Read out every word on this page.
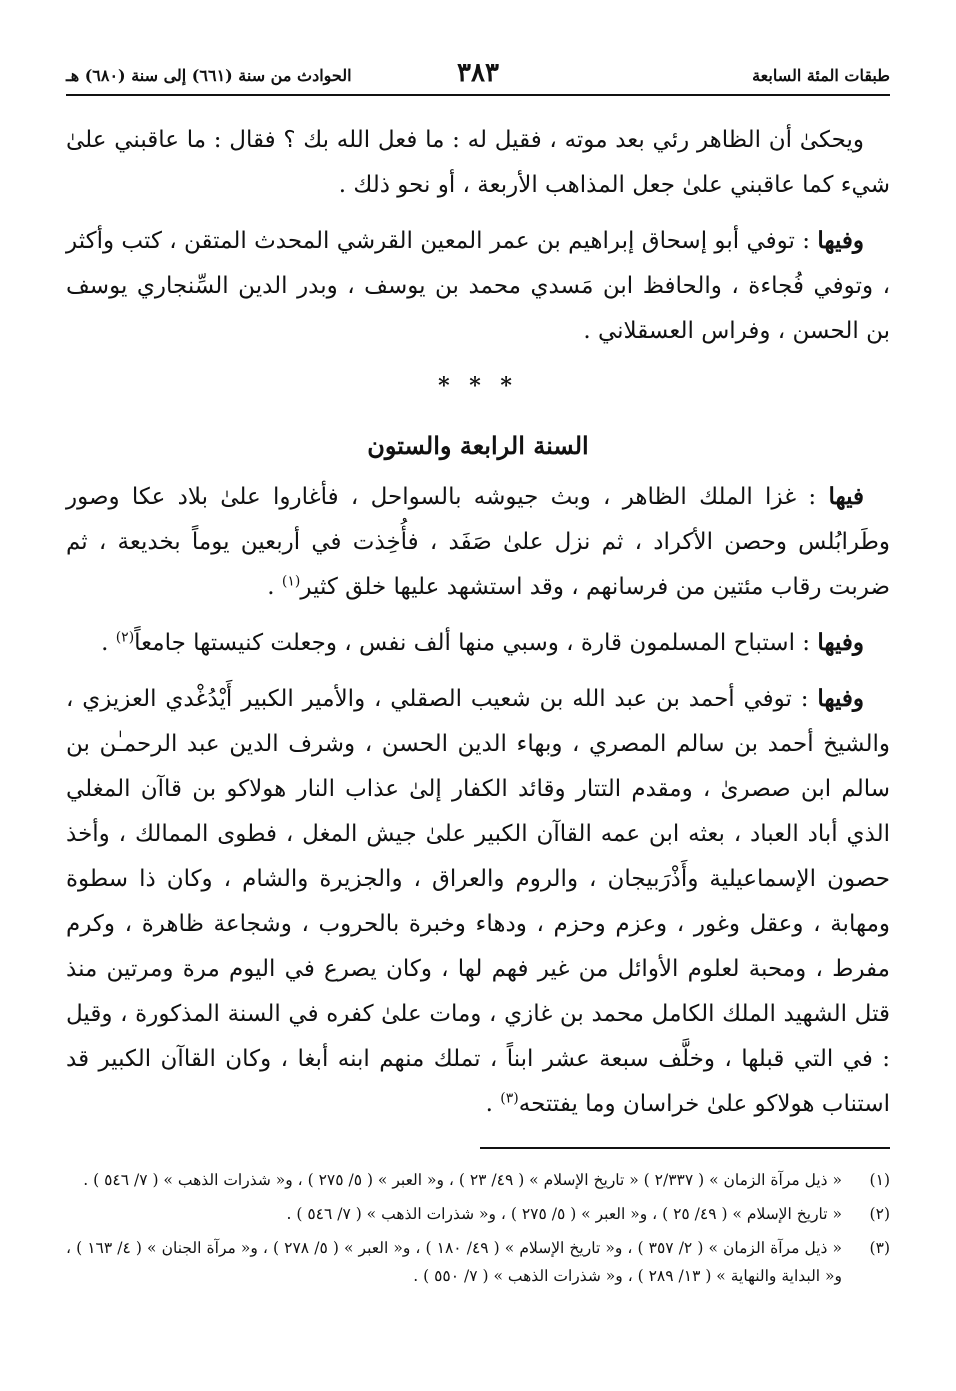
طبقات المئة السابعة
٣٨٣
الحوادث من سنة (٦٦١) إلى سنة (٦٨٠) هـ

ويحكىٰ أن الظاهر رئي بعد موته ، فقيل له : ما فعل الله بك ؟ فقال : ما عاقبني علىٰ شيء كما عاقبني علىٰ جعل المذاهب الأربعة ، أو نحو ذلك .

وفيها : توفي أبو إسحاق إبراهيم بن عمر المعين القرشي المحدث المتقن ، كتب وأكثر ، وتوفي فُجاءة ، والحافظ ابن مَسدي محمد بن يوسف ، وبدر الدين السِّنجاري يوسف بن الحسن ، وفراس العسقلاني .

* * *
السنة الرابعة والستون

فيها : غزا الملك الظاهر ، وبث جيوشه بالسواحل ، فأغاروا علىٰ بلاد عكا وصور وطَرابُلس وحصن الأكراد ، ثم نزل علىٰ صَفَد ، فأُخِذت في أربعين يوماً بخديعة ، ثم ضربت رقاب مئتين من فرسانهم ، وقد استشهد عليها خلق كثير$^{(١)}$ .

وفيها : استباح المسلمون قارة ، وسبي منها ألف نفس ، وجعلت كنيستها جامعاً$^{(٢)}$ .

وفيها : توفي أحمد بن عبد الله بن شعيب الصقلي ، والأمير الكبير أَيْدُغْدي العزيزي ، والشيخ أحمد بن سالم المصري ، وبهاء الدين الحسن ، وشرف الدين عبد الرحمـٰن بن سالم ابن صصرىٰ ، ومقدم التتار وقائد الكفار إلىٰ عذاب النار هولاكو بن قاآن المغلي الذي أباد العباد ، بعثه ابن عمه القاآن الكبير علىٰ جيش المغل ، فطوى الممالك ، وأخذ حصون الإسماعيلية وأَذْرَبيجان ، والروم والعراق ، والجزيرة والشام ، وكان ذا سطوة ومهابة ، وعقل وغور ، وعزم وحزم ، ودهاء وخبرة بالحروب ، وشجاعة ظاهرة ، وكرم مفرط ، ومحبة لعلوم الأوائل من غير فهم لها ، وكان يصرع في اليوم مرة ومرتين منذ قتل الشهيد الملك الكامل محمد بن غازي ، ومات علىٰ كفره في السنة المذكورة ، وقيل : في التي قبلها ، وخلَّف سبعة عشر ابناً ، تملك منهم ابنه أبغا ، وكان القاآن الكبير قد استناب هولاكو علىٰ خراسان وما يفتتحه$^{(٣)}$ .

(١)
« ذيل مرآة الزمان » ( ٢/٣٣٧ ) « تاريخ الإسلام » ( ٤٩/ ٢٣ ) ، و« العبر » ( ٥/ ٢٧٥ ) ، و« شذرات الذهب » ( ٧/ ٥٤٦ ) .
(٢)
« تاريخ الإسلام » ( ٤٩/ ٢٥ ) ، و« العبر » ( ٥/ ٢٧٥ ) ، و« شذرات الذهب » ( ٧/ ٥٤٦ ) .
(٣)
« ذيل مرآة الزمان » ( ٢/ ٣٥٧ ) ، و« تاريخ الإسلام » ( ٤٩/ ١٨٠ ) ، و« العبر » ( ٥/ ٢٧٨ ) ، و« مرآة الجنان » ( ٤/ ١٦٣ ) ، و« البداية والنهاية » ( ١٣/ ٢٨٩ ) ، و« شذرات الذهب » ( ٧/ ٥٥٠ ) .
